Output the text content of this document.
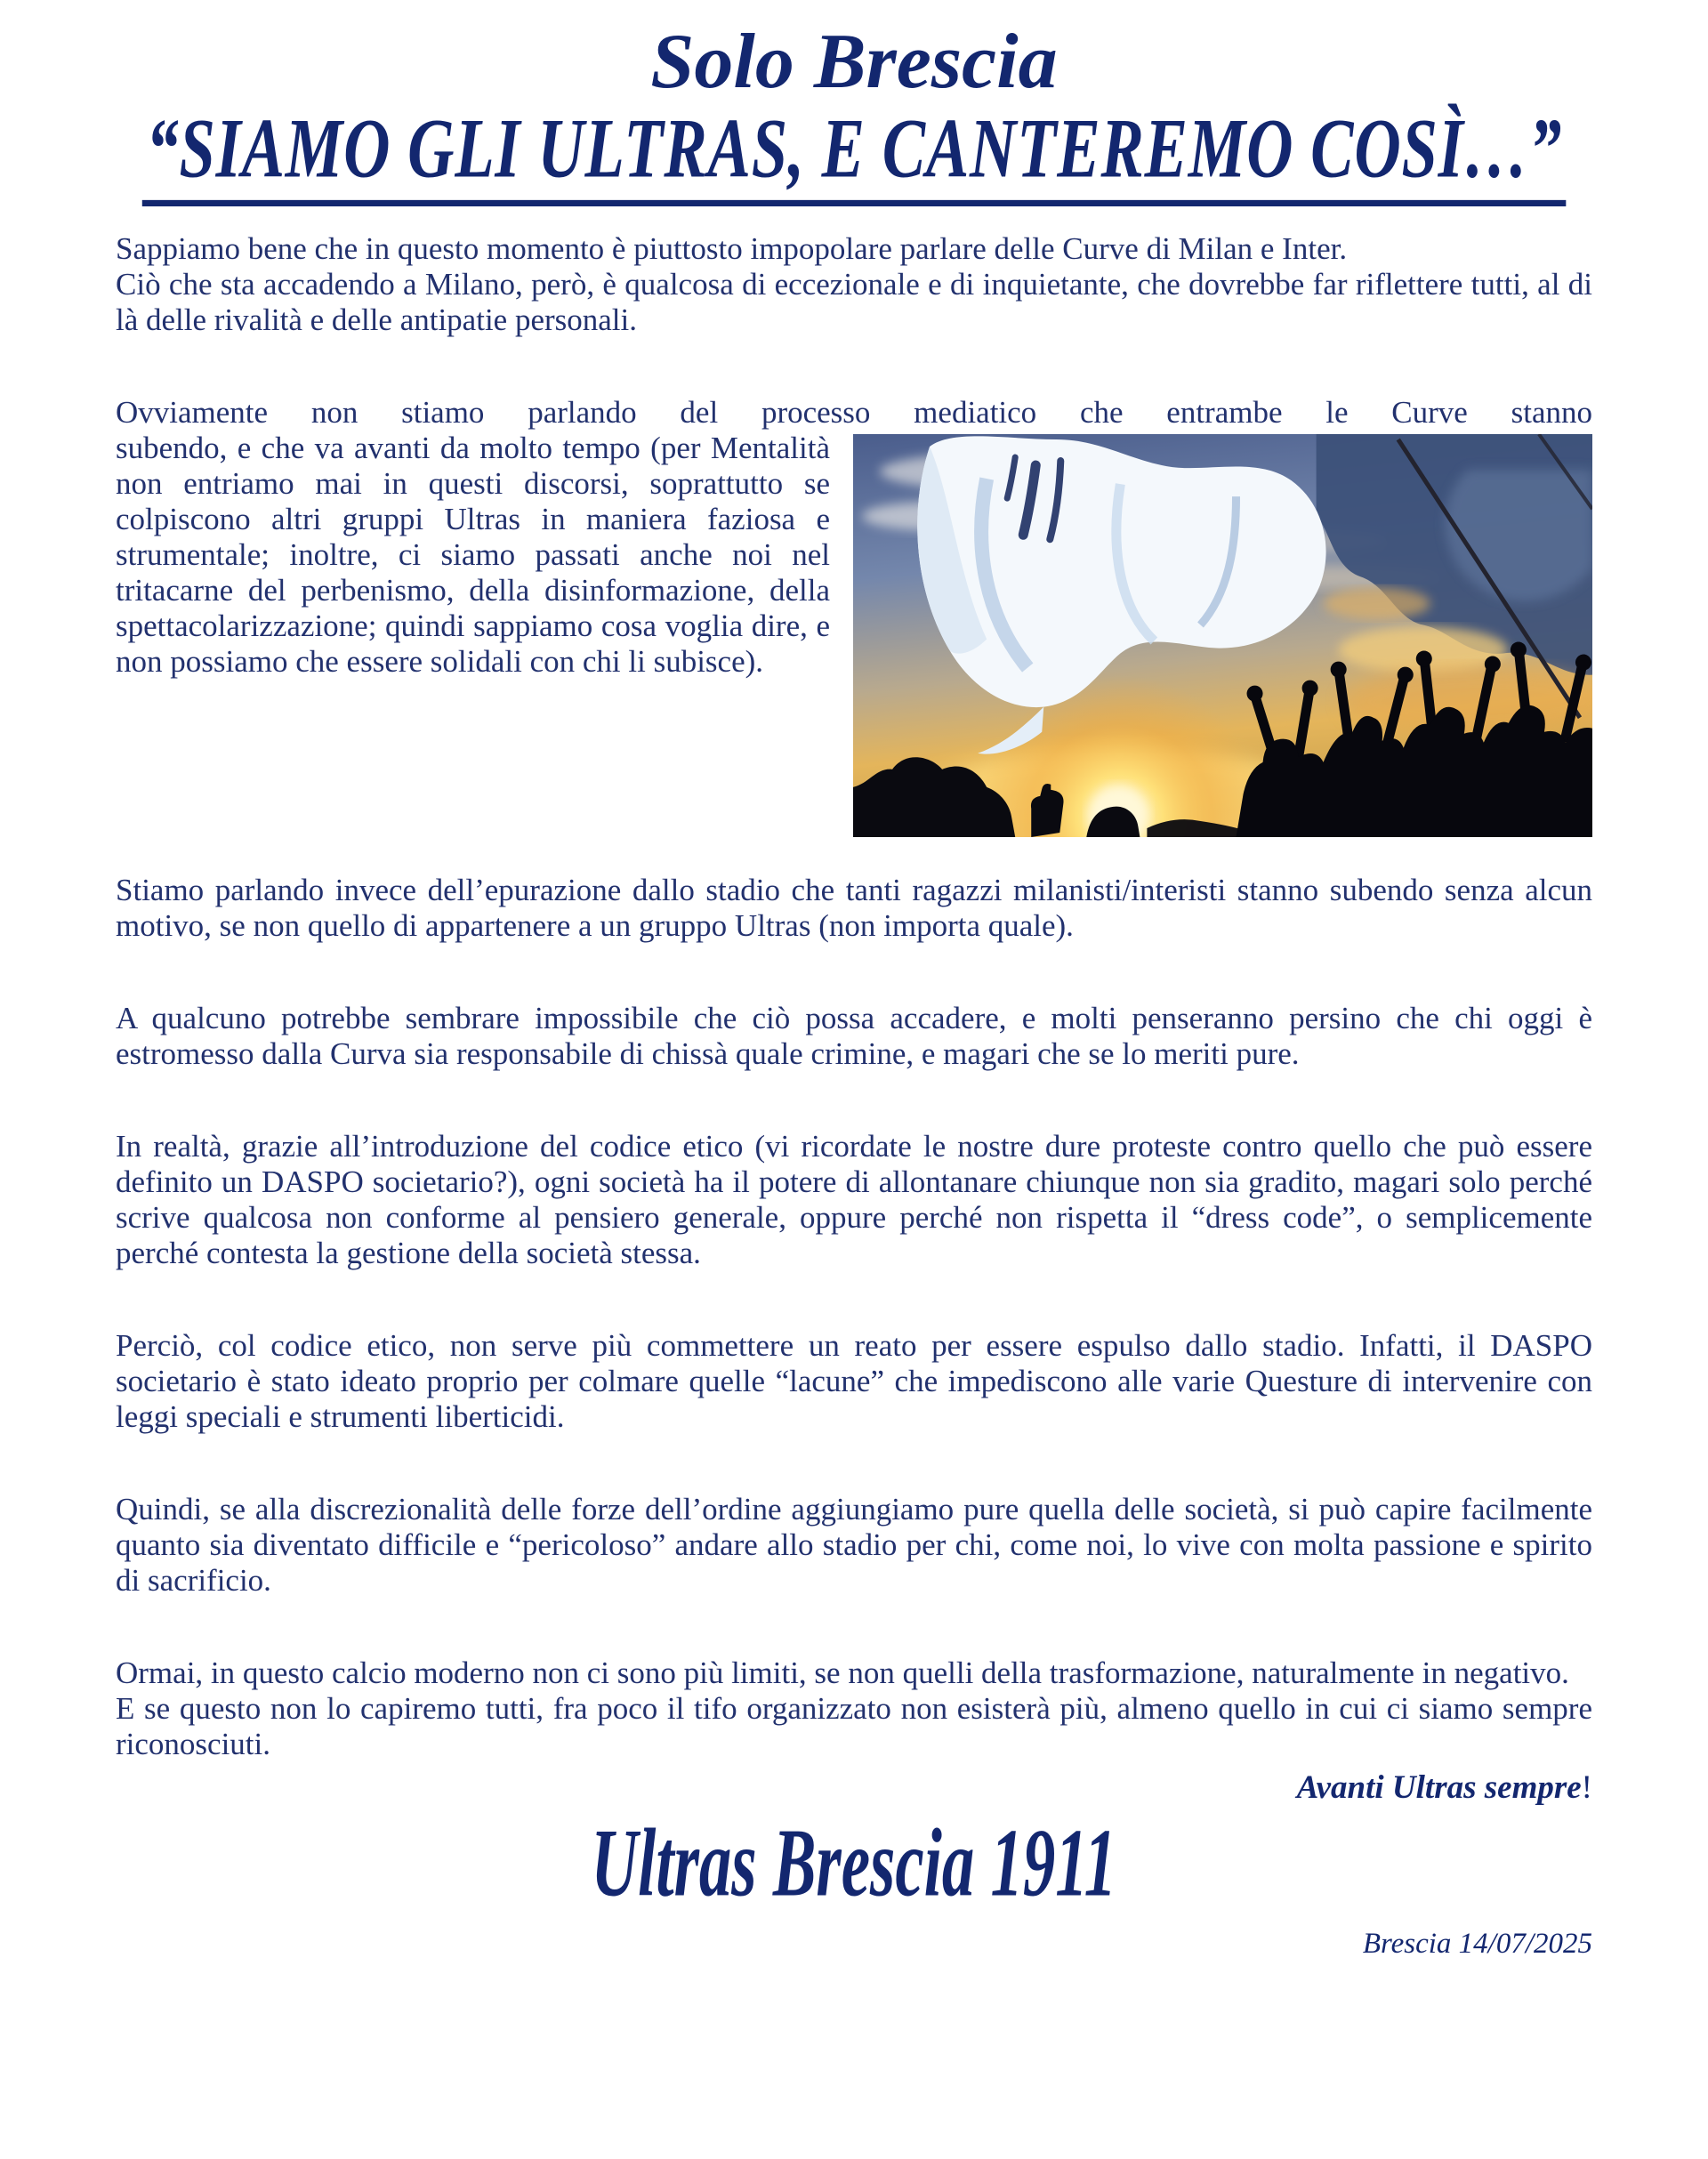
Solo Brescia
“SIAMO GLI ULTRAS, E CANTEREMO COSÌ…”

Sappiamo bene che in questo momento è piuttosto impopolare parlare delle Curve di Milan e Inter.

Ciò che sta accadendo a Milano, però, è qualcosa di eccezionale e di inquietante, che dovrebbe far riflettere tutti, al di là delle rivalità e delle antipatie personali.

Ovviamente non stiamo parlando del processo mediatico che entrambe le Curve stanno

subendo, e che va avanti da molto tempo (per Mentalità non entriamo mai in questi discorsi, soprattutto se colpiscono altri gruppi Ultras in maniera faziosa e strumentale; inoltre, ci siamo passati anche noi nel tritacarne del perbenismo, della disinformazione, della spettacolarizzazione; quindi sappiamo cosa voglia dire, e non possiamo che essere solidali con chi li subisce).

Stiamo parlando invece dell’epurazione dallo stadio che tanti ragazzi milanisti/interisti stanno subendo senza alcun motivo, se non quello di appartenere a un gruppo Ultras (non importa quale).

A qualcuno potrebbe sembrare impossibile che ciò possa accadere, e molti penseranno persino che chi oggi è estromesso dalla Curva sia responsabile di chissà quale crimine, e magari che se lo meriti pure.

In realtà, grazie all’introduzione del codice etico (vi ricordate le nostre dure proteste contro quello che può essere definito un DASPO societario?), ogni società ha il potere di allontanare chiunque non sia gradito, magari solo perché scrive qualcosa non conforme al pensiero generale, oppure perché non rispetta il “dress code”, o semplicemente perché contesta la gestione della società stessa.

Perciò, col codice etico, non serve più commettere un reato per essere espulso dallo stadio. Infatti, il DASPO societario è stato ideato proprio per colmare quelle “lacune” che impediscono alle varie Questure di intervenire con leggi speciali e strumenti liberticidi.

Quindi, se alla discrezionalità delle forze dell’ordine aggiungiamo pure quella delle società, si può capire facilmente quanto sia diventato difficile e “pericoloso” andare allo stadio per chi, come noi, lo vive con molta passione e spirito di sacrificio.

Ormai, in questo calcio moderno non ci sono più limiti, se non quelli della trasformazione, naturalmente in negativo.

E se questo non lo capiremo tutti, fra poco il tifo organizzato non esisterà più, almeno quello in cui ci siamo sempre riconosciuti.

Avanti Ultras sempre!
Ultras Brescia 1911
Brescia 14/07/2025
